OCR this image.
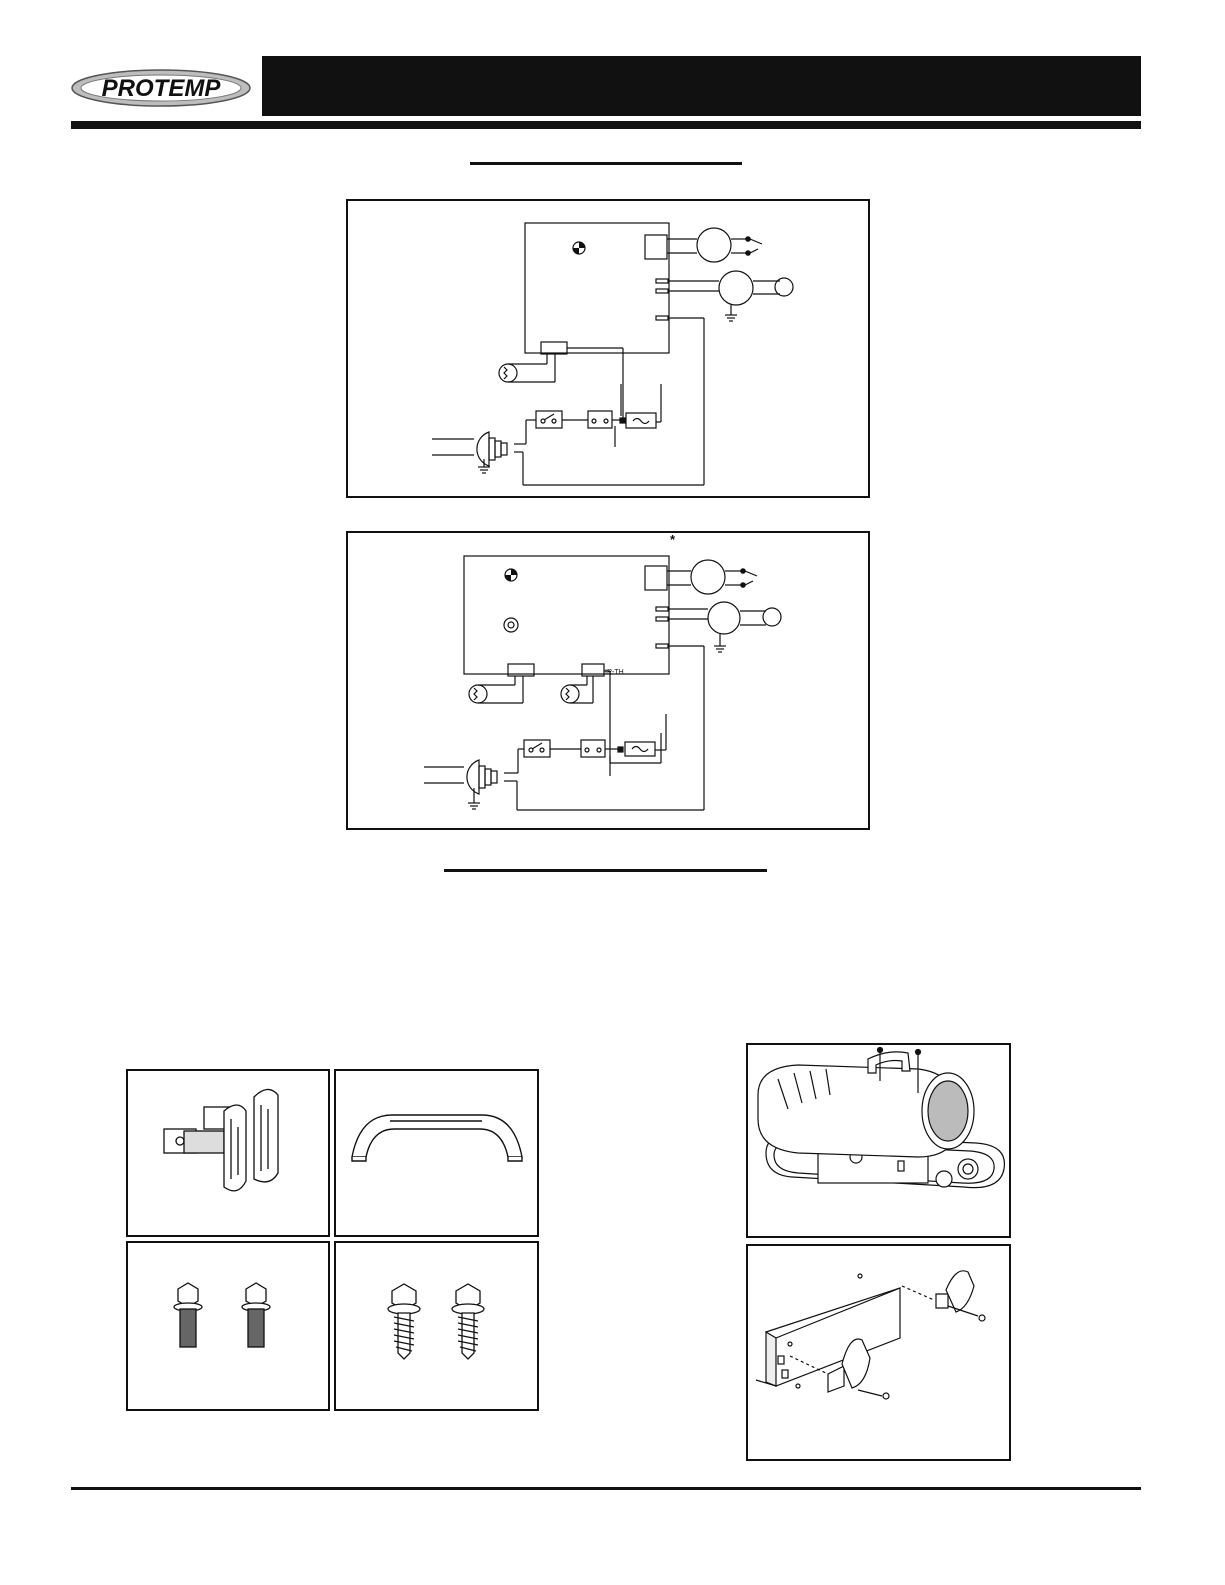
PROTEMP
*
IR-TH
